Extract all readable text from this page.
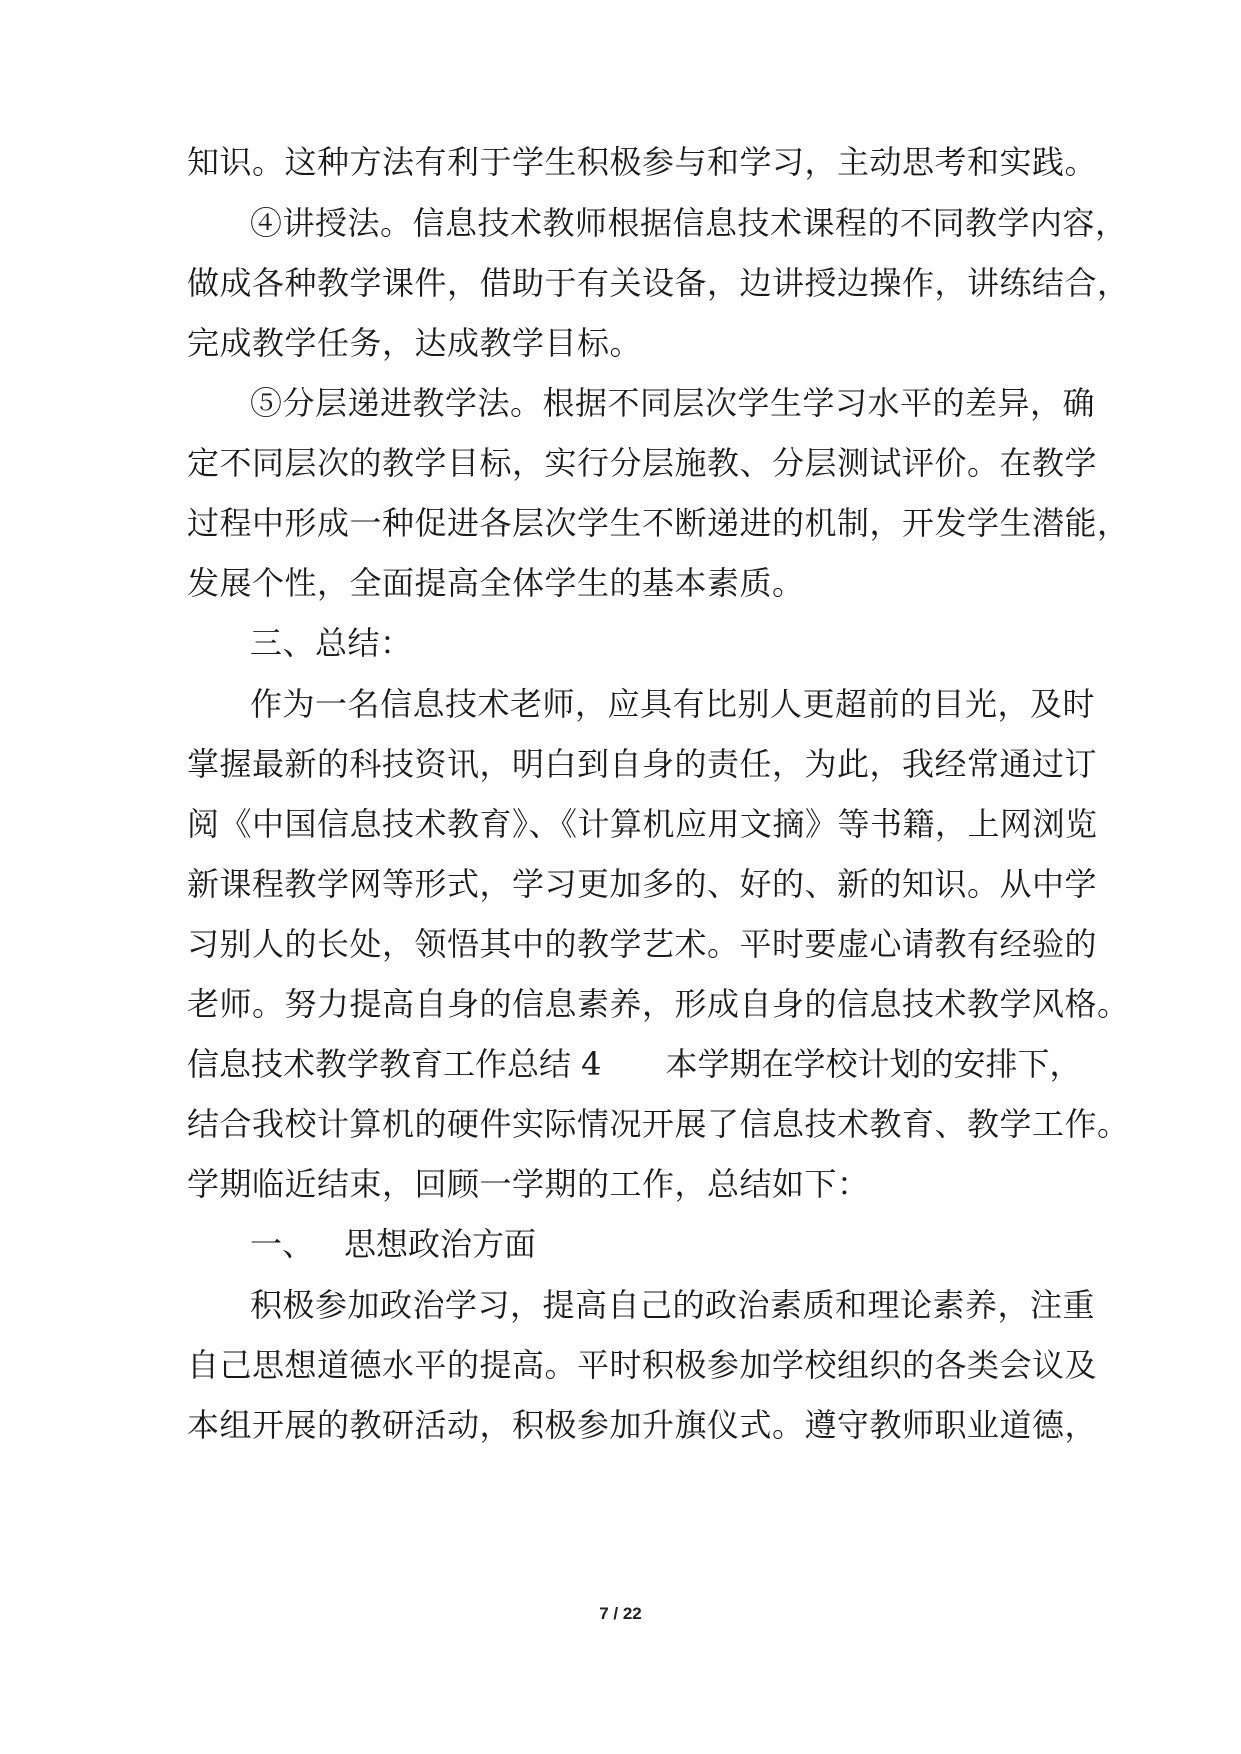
知识。这种方法有利于学生积极参与和学习，主动思考和实践。
④讲授法。信息技术教师根据信息技术课程的不同教学内容，
做成各种教学课件，借助于有关设备，边讲授边操作，讲练结合，
完成教学任务，达成教学目标。
⑤分层递进教学法。根据不同层次学生学习水平的差异，确
定不同层次的教学目标，实行分层施教、分层测试评价。在教学
过程中形成一种促进各层次学生不断递进的机制，开发学生潜能，
发展个性，全面提高全体学生的基本素质。
三、总结：
作为一名信息技术老师，应具有比别人更超前的目光，及时
掌握最新的科技资讯，明白到自身的责任，为此，我经常通过订
阅《中国信息技术教育》、《计算机应用文摘》等书籍，上网浏览
新课程教学网等形式，学习更加多的、好的、新的知识。从中学
习别人的长处，领悟其中的教学艺术。平时要虚心请教有经验的
老师。努力提高自身的信息素养，形成自身的信息技术教学风格。
信息技术教学教育工作总结 4 本学期在学校计划的安排下，
结合我校计算机的硬件实际情况开展了信息技术教育、教学工作。
学期临近结束，回顾一学期的工作，总结如下：
一、 思想政治方面
积极参加政治学习，提高自己的政治素质和理论素养，注重
自己思想道德水平的提高。平时积极参加学校组织的各类会议及
本组开展的教研活动，积极参加升旗仪式。遵守教师职业道德，
7 / 22
